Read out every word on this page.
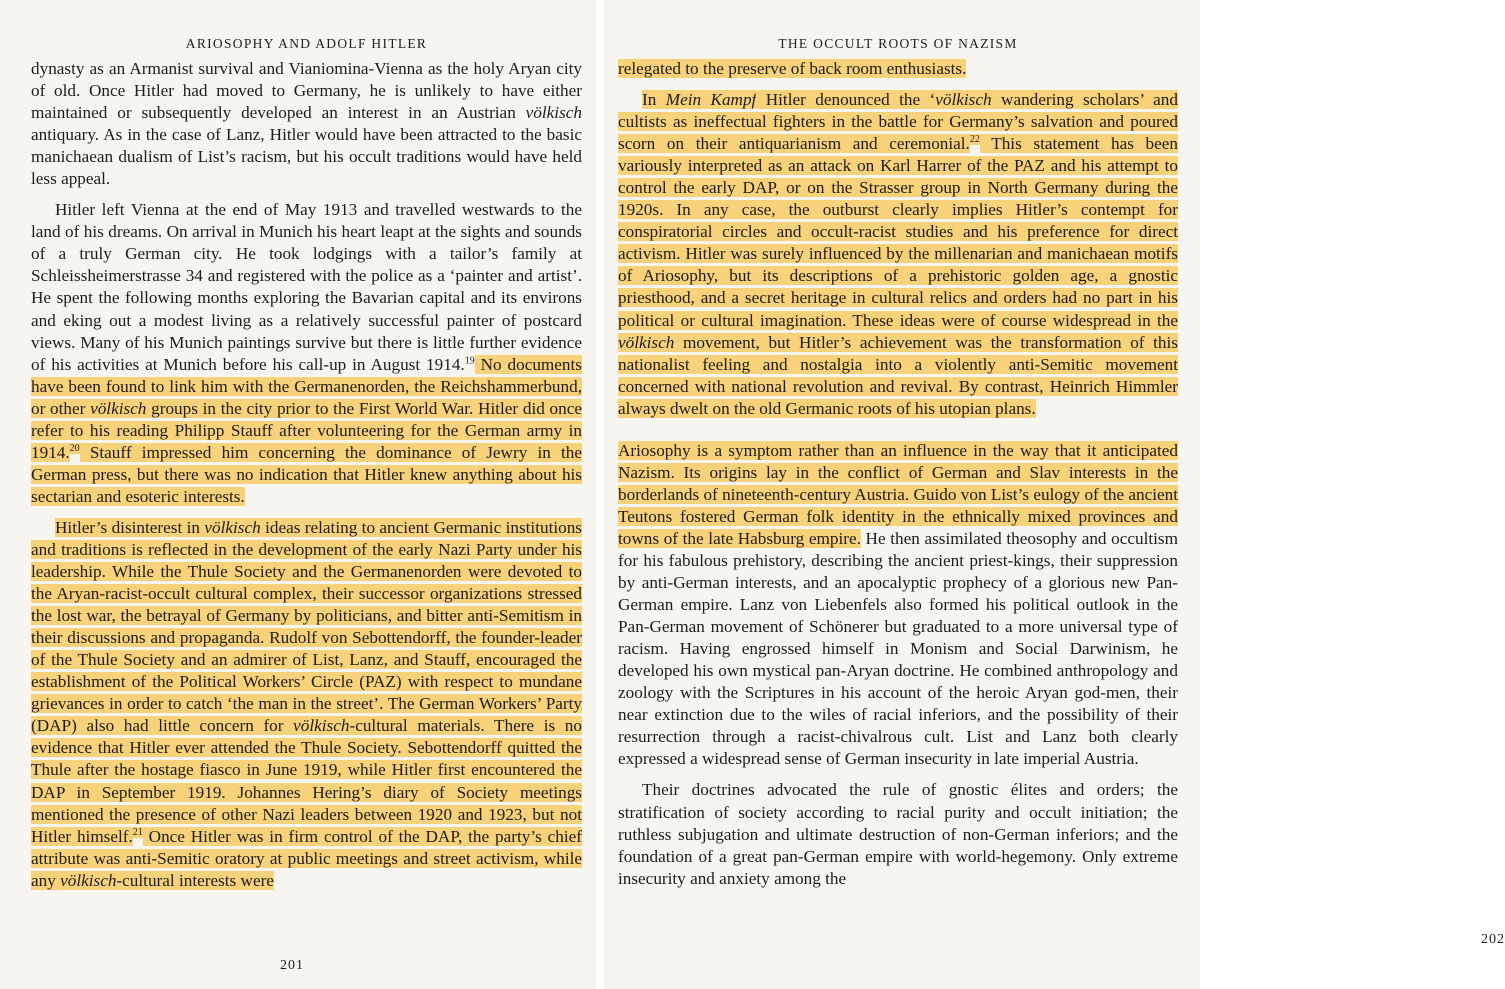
ARIOSOPHY AND ADOLF HITLER

dynasty as an Armanist survival and Vianiomina-Vienna as the holy Aryan city of old. Once Hitler had moved to Germany, he is unlikely to have either maintained or subsequently developed an interest in an Austrian völkisch antiquary. As in the case of Lanz, Hitler would have been attracted to the basic manichaean dualism of List’s racism, but his occult traditions would have held less appeal.

Hitler left Vienna at the end of May 1913 and travelled westwards to the land of his dreams. On arrival in Munich his heart leapt at the sights and sounds of a truly German city. He took lodgings with a tailor’s family at Schleissheimerstrasse 34 and registered with the police as a ‘painter and artist’. He spent the following months exploring the Bavarian capital and its environs and eking out a modest living as a relatively successful painter of postcard views. Many of his Munich paintings survive but there is little further evidence of his activities at Munich before his call-up in August 1914.19 No documents have been found to link him with the Germanenorden, the Reichshammerbund, or other völkisch groups in the city prior to the First World War. Hitler did once refer to his reading Philipp Stauff after volunteering for the German army in 1914.20 Stauff impressed him concerning the dominance of Jewry in the German press, but there was no indication that Hitler knew anything about his sectarian and esoteric interests.

Hitler’s disinterest in völkisch ideas relating to ancient Germanic institutions and traditions is reflected in the development of the early Nazi Party under his leadership. While the Thule Society and the Germanenorden were devoted to the Aryan-racist-occult cultural complex, their successor organizations stressed the lost war, the betrayal of Germany by politicians, and bitter anti-Semitism in their discussions and propaganda. Rudolf von Sebottendorff, the founder-leader of the Thule Society and an admirer of List, Lanz, and Stauff, encouraged the establishment of the Political Workers’ Circle (PAZ) with respect to mundane grievances in order to catch ‘the man in the street’. The German Workers’ Party (DAP) also had little concern for völkisch-cultural materials. There is no evidence that Hitler ever attended the Thule Society. Sebottendorff quitted the Thule after the hostage fiasco in June 1919, while Hitler first encountered the DAP in September 1919. Johannes Hering’s diary of Society meetings mentioned the presence of other Nazi leaders between 1920 and 1923, but not Hitler himself.$^{21}$ Once Hitler was in firm control of the DAP, the party’s chief attribute was anti-Semitic oratory at public meetings and street activism, while any völkisch-cultural interests were

201
THE OCCULT ROOTS OF NAZISM

relegated to the preserve of back room enthusiasts.

In Mein Kampf Hitler denounced the ‘völkisch wandering scholars’ and cultists as ineffectual fighters in the battle for Germany’s salvation and poured scorn on their antiquarianism and ceremonial.$^{22}$ This statement has been variously interpreted as an attack on Karl Harrer of the PAZ and his attempt to control the early DAP, or on the Strasser group in North Germany during the 1920s. In any case, the outburst clearly implies Hitler’s contempt for conspiratorial circles and occult-racist studies and his preference for direct activism. Hitler was surely influenced by the millenarian and manichaean motifs of Ariosophy, but its descriptions of a prehistoric golden age, a gnostic priesthood, and a secret heritage in cultural relics and orders had no part in his political or cultural imagination. These ideas were of course widespread in the völkisch movement, but Hitler’s achievement was the transformation of this nationalist feeling and nostalgia into a violently anti-Semitic movement concerned with national revolution and revival. By contrast, Heinrich Himmler always dwelt on the old Germanic roots of his utopian plans.

Ariosophy is a symptom rather than an influence in the way that it anticipated Nazism. Its origins lay in the conflict of German and Slav interests in the borderlands of nineteenth-century Austria. Guido von List’s eulogy of the ancient Teutons fostered German folk identity in the ethnically mixed provinces and towns of the late Habsburg empire. He then assimilated theosophy and occultism for his fabulous prehistory, describing the ancient priest-kings, their suppression by anti-German interests, and an apocalyptic prophecy of a glorious new Pan-German empire. Lanz von Liebenfels also formed his political outlook in the Pan-German movement of Schönerer but graduated to a more universal type of racism. Having engrossed himself in Monism and Social Darwinism, he developed his own mystical pan-Aryan doctrine. He combined anthropology and zoology with the Scriptures in his account of the heroic Aryan god-men, their near extinction due to the wiles of racial inferiors, and the possibility of their resurrection through a racist-chivalrous cult. List and Lanz both clearly expressed a widespread sense of German insecurity in late imperial Austria.

Their doctrines advocated the rule of gnostic élites and orders; the stratification of society according to racial purity and occult initiation; the ruthless subjugation and ultimate destruction of non-German inferiors; and the foundation of a great pan-German empire with world-hegemony. Only extreme insecurity and anxiety among the

202
